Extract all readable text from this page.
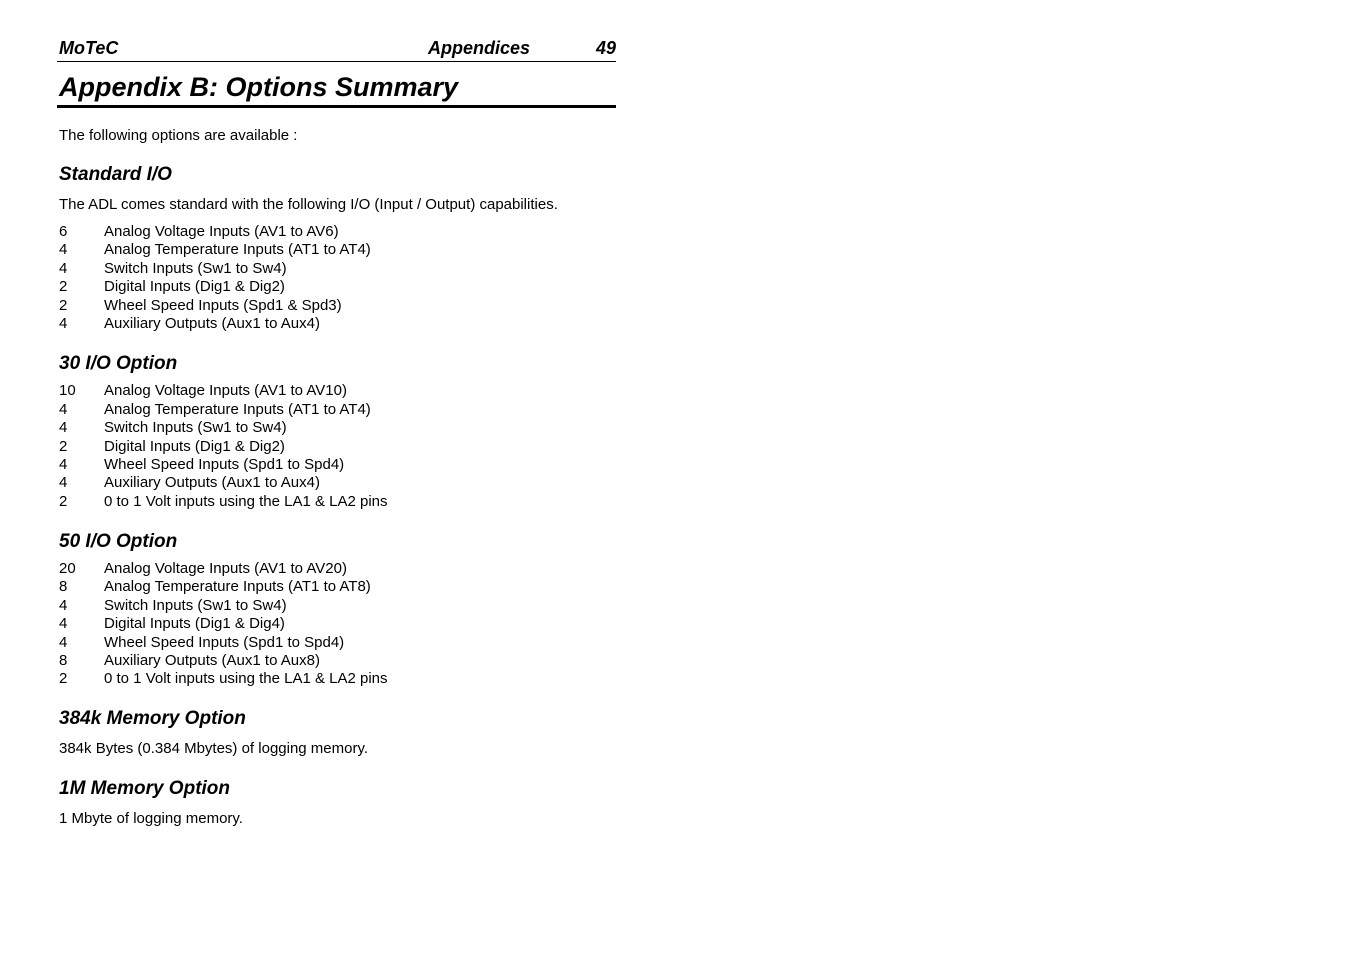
MoTeC	Appendices	49
Appendix B: Options Summary

The following options are available :

Standard I/O

The ADL comes standard with the following I/O (Input / Output) capabilities.

6	Analog Voltage Inputs (AV1 to AV6)
4	Analog Temperature Inputs (AT1 to AT4)
4	Switch Inputs (Sw1 to Sw4)
2	Digital Inputs (Dig1 & Dig2)
2	Wheel Speed Inputs (Spd1 & Spd3)
4	Auxiliary Outputs (Aux1 to Aux4)
30 I/O Option
10	Analog Voltage Inputs (AV1 to AV10)
4	Analog Temperature Inputs (AT1 to AT4)
4	Switch Inputs (Sw1 to Sw4)
2	Digital Inputs (Dig1 & Dig2)
4	Wheel Speed Inputs (Spd1 to Spd4)
4	Auxiliary Outputs (Aux1 to Aux4)
2	0 to 1 Volt inputs using the LA1 & LA2 pins
50 I/O Option
20	Analog Voltage Inputs (AV1 to AV20)
8	Analog Temperature Inputs (AT1 to AT8)
4	Switch Inputs (Sw1 to Sw4)
4	Digital Inputs (Dig1 & Dig4)
4	Wheel Speed Inputs (Spd1 to Spd4)
8	Auxiliary Outputs (Aux1 to Aux8)
2	0 to 1 Volt inputs using the LA1 & LA2 pins
384k Memory Option

384k Bytes (0.384 Mbytes) of logging memory.

1M Memory Option

1 Mbyte of logging memory.
